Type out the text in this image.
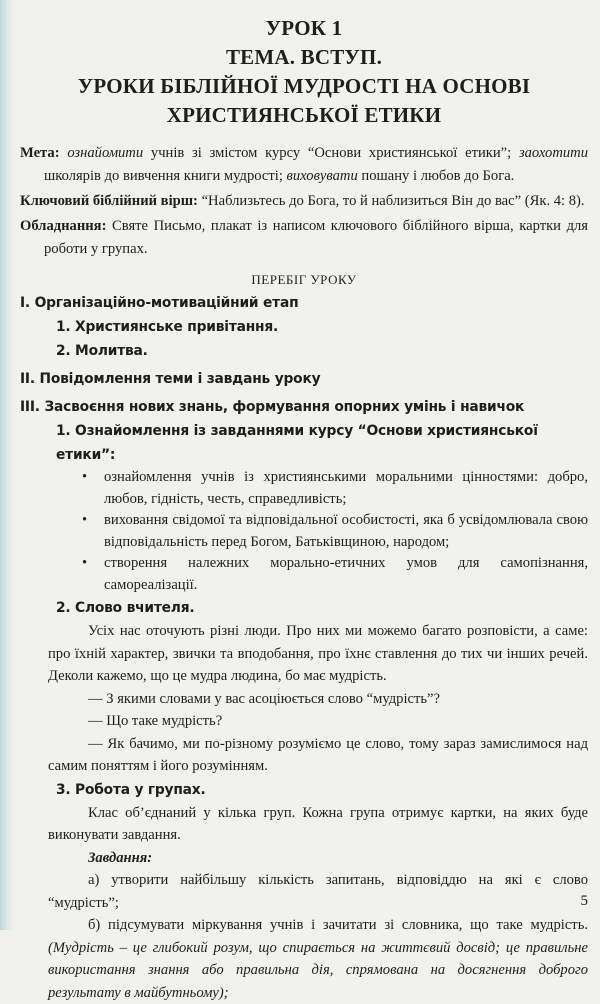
УРОК 1
ТЕМА. ВСТУП.
УРОКИ БІБЛІЙНОЇ МУДРОСТІ НА ОСНОВІ
ХРИСТИЯНСЬКОЇ ЕТИКИ
Мета: ознайомити учнів зі змістом курсу “Основи християнської етики”; заохотити школярів до вивчення книги мудрості; виховувати пошану і любов до Бога.
Ключовий біблійний вірш: “Наблизьтесь до Бога, то й наблизиться Він до вас” (Як. 4: 8).
Обладнання: Святе Письмо, плакат із написом ключового біблійного вірша, картки для роботи у групах.
ПЕРЕБІГ УРОКУ
I. Організаційно-мотиваційний етап
1. Християнське привітання.
2. Молитва.
II. Повідомлення теми і завдань уроку
III. Засвоєння нових знань, формування опорних умінь і навичок
1. Ознайомлення із завданнями курсу “Основи християнської етики”:
• ознайомлення учнів із християнськими моральними цінностями: добро, любов, гідність, честь, справедливість;
• виховання свідомої та відповідальної особистості, яка б усвідомлювала свою відповідальність перед Богом, Батьківщиною, народом;
• створення належних морально-етичних умов для самопізнання, самореалізації.
2. Слово вчителя.
Усіх нас оточують різні люди. Про них ми можемо багато розповісти, а саме: про їхній характер, звички та вподобання, про їхнє ставлення до тих чи інших речей. Деколи кажемо, що це мудра людина, бо має мудрість.
— З якими словами у вас асоціюється слово “мудрість”?
— Що таке мудрість?
— Як бачимо, ми по-різному розуміємо це слово, тому зараз замислимося над самим поняттям і його розумінням.
3. Робота у групах.
Клас об’єднаний у кілька груп. Кожна група отримує картки, на яких буде виконувати завдання.
Завдання:
а) утворити найбільшу кількість запитань, відповіддю на які є слово “мудрість”;
б) підсумувати міркування учнів і зачитати зі словника, що таке мудрість. (Мудрість – це глибокий розум, що спирається на життєвий досвід; це правильне використання знання або правильна дія, спрямована на досягнення доброго результату в майбутньому);
5
